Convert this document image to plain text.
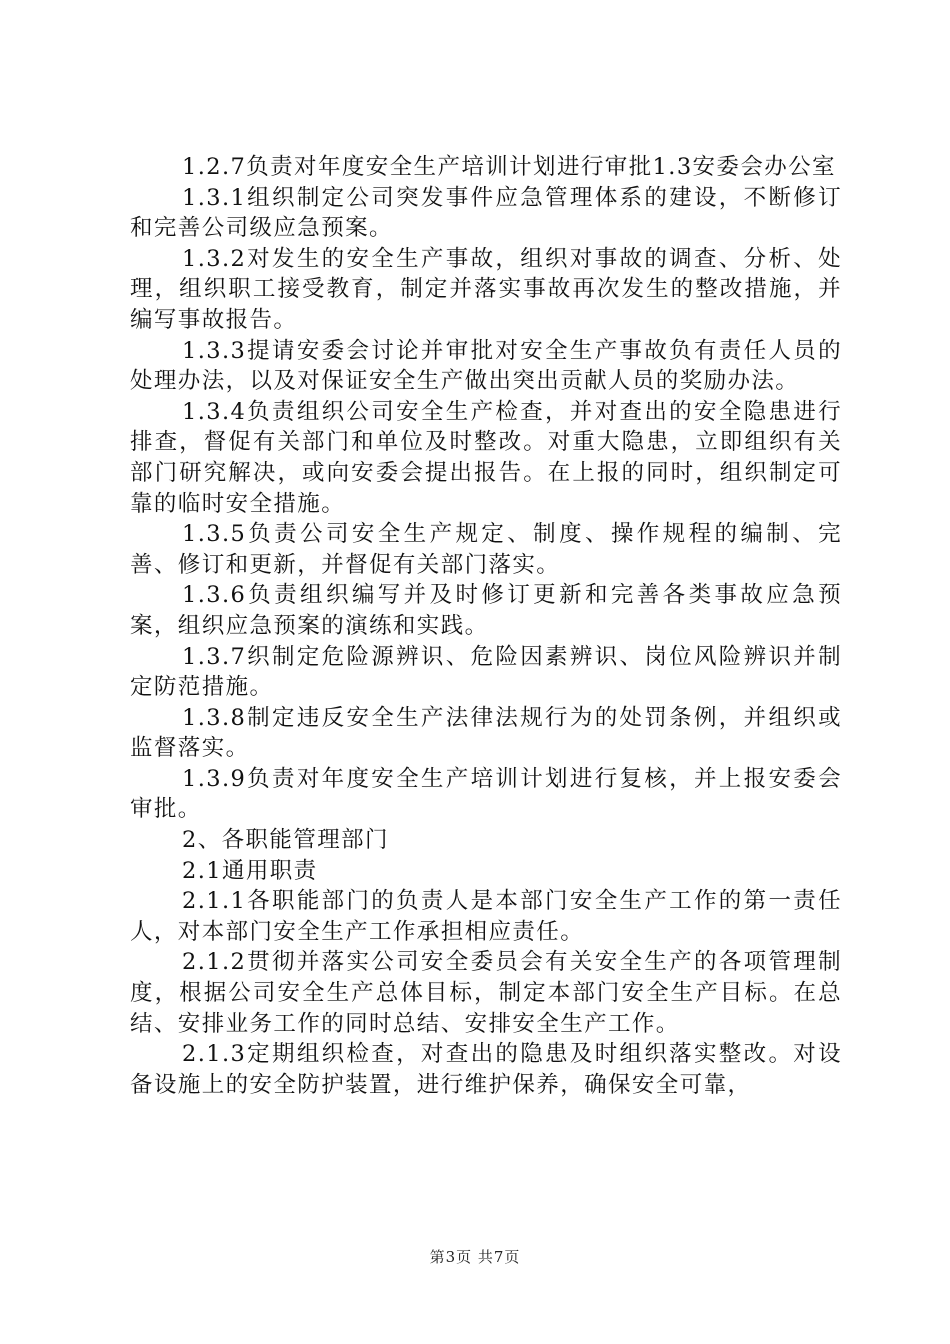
1.2.7负责对年度安全生产培训计划进行审批1.3安委会办公室

1.3.1组织制定公司突发事件应急管理体系的建设，不断修订和完善公司级应急预案。

1.3.2对发生的安全生产事故，组织对事故的调查、分析、处理，组织职工接受教育，制定并落实事故再次发生的整改措施，并编写事故报告。

1.3.3提请安委会讨论并审批对安全生产事故负有责任人员的处理办法，以及对保证安全生产做出突出贡献人员的奖励办法。

1.3.4负责组织公司安全生产检查，并对查出的安全隐患进行排查，督促有关部门和单位及时整改。对重大隐患，立即组织有关部门研究解决，或向安委会提出报告。在上报的同时，组织制定可靠的临时安全措施。

1.3.5负责公司安全生产规定、制度、操作规程的编制、完善、修订和更新，并督促有关部门落实。

1.3.6负责组织编写并及时修订更新和完善各类事故应急预案，组织应急预案的演练和实践。

1.3.7织制定危险源辨识、危险因素辨识、岗位风险辨识并制定防范措施。

1.3.8制定违反安全生产法律法规行为的处罚条例，并组织或监督落实。

1.3.9负责对年度安全生产培训计划进行复核，并上报安委会审批。

2、各职能管理部门

2.1通用职责

2.1.1各职能部门的负责人是本部门安全生产工作的第一责任人，对本部门安全生产工作承担相应责任。

2.1.2贯彻并落实公司安全委员会有关安全生产的各项管理制度，根据公司安全生产总体目标，制定本部门安全生产目标。在总结、安排业务工作的同时总结、安排安全生产工作。

2.1.3定期组织检查，对查出的隐患及时组织落实整改。对设备设施上的安全防护装置，进行维护保养，确保安全可靠，

第3页 共7页
